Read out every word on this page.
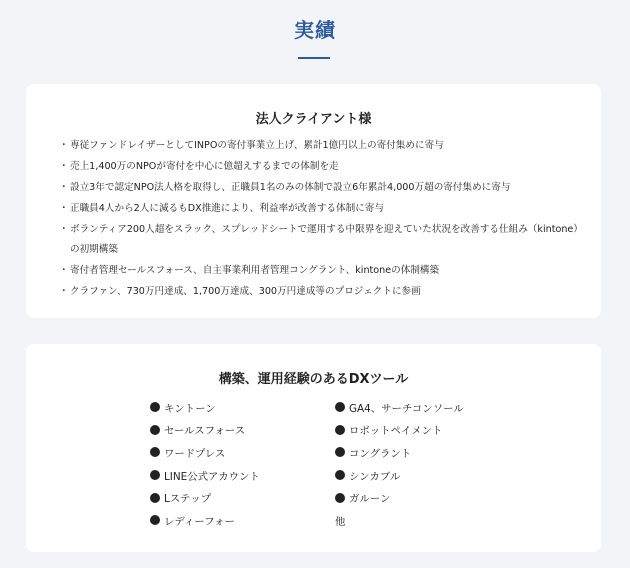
実績
法人クライアント様
・ 専従ファンドレイザーとしてINPOの寄付事業立上げ、累計1億円以上の寄付集めに寄与
・ 売上1,400万のNPOが寄付を中心に億超えするまでの体制を走
・ 設立3年で認定NPO法人格を取得し、正職員1名のみの体制で設立6年累計4,000万超の寄付集めに寄与
・ 正職員4人から2人に減るもDX推進により、利益率が改善する体制に寄与
・ ボランティア200人超をスラック、スプレッドシートで運用する中限界を迎えていた状況を改善する仕組み（kintone）の初期構築
・ 寄付者管理セールスフォース、自主事業利用者管理コングラント、kintoneの体制構築
・ クラファン、730万円達成、1,700万達成、300万円達成等のプロジェクトに参画
構築、運用経験のあるDXツール
キントーン	GA4、サーチコンソール
セールスフォース	ロボットペイメント
ワードプレス	コングラント
LINE公式アカウント	シンカブル
Lステップ	ガルーン
レディーフォー	他
